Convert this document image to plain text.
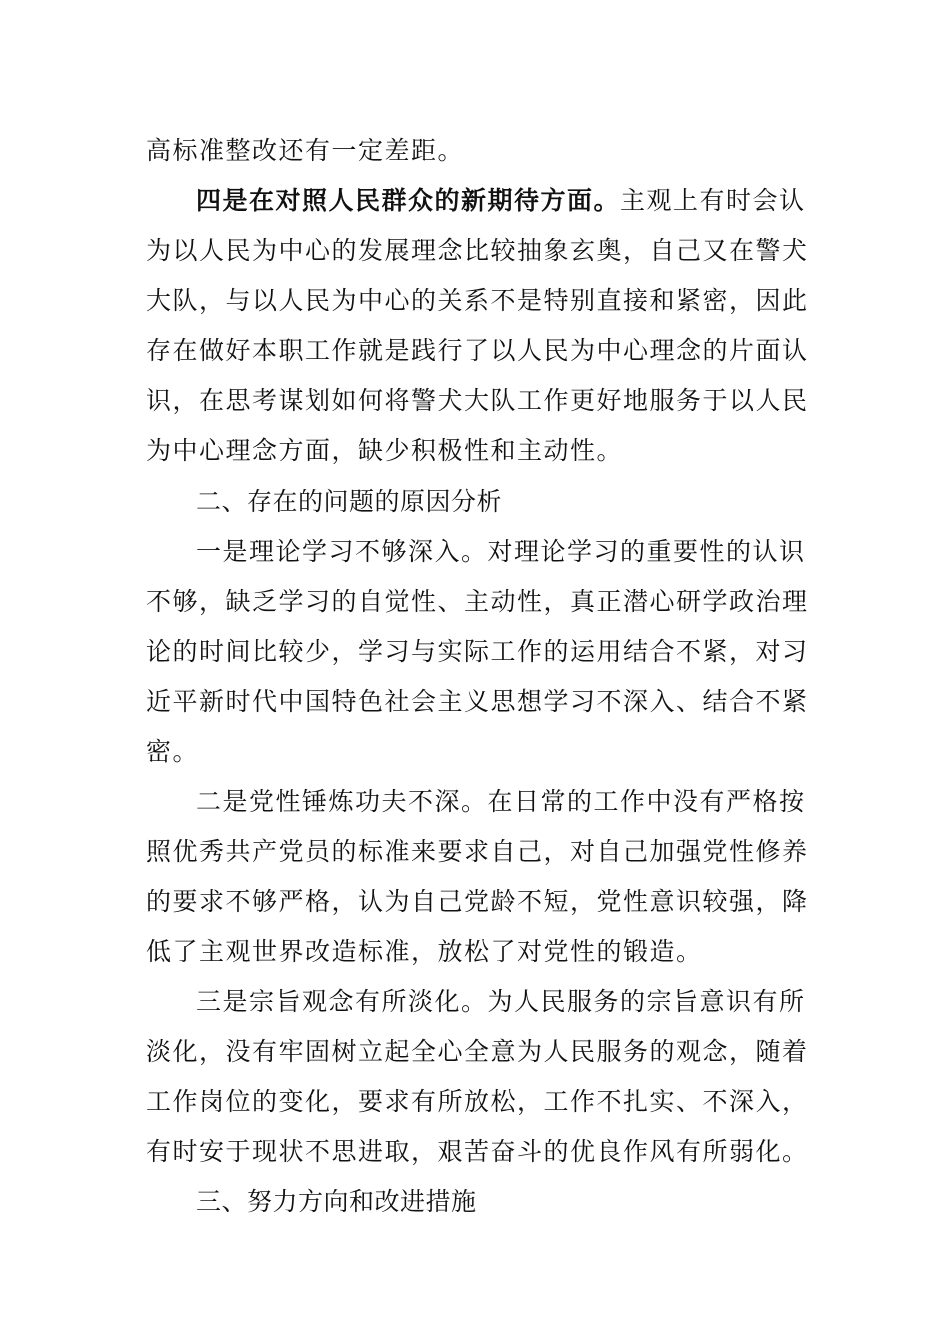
高标准整改还有一定差距。
四是在对照人民群众的新期待方面。主观上有时会认
为以人民为中心的发展理念比较抽象玄奥，自己又在警犬
大队，与以人民为中心的关系不是特别直接和紧密，因此
存在做好本职工作就是践行了以人民为中心理念的片面认
识，在思考谋划如何将警犬大队工作更好地服务于以人民
为中心理念方面，缺少积极性和主动性。
二、存在的问题的原因分析
一是理论学习不够深入。对理论学习的重要性的认识
不够，缺乏学习的自觉性、主动性，真正潜心研学政治理
论的时间比较少，学习与实际工作的运用结合不紧，对习
近平新时代中国特色社会主义思想学习不深入、结合不紧
密。
二是党性锤炼功夫不深。在日常的工作中没有严格按
照优秀共产党员的标准来要求自己，对自己加强党性修养
的要求不够严格，认为自己党龄不短，党性意识较强，降
低了主观世界改造标准，放松了对党性的锻造。
三是宗旨观念有所淡化。为人民服务的宗旨意识有所
淡化，没有牢固树立起全心全意为人民服务的观念，随着
工作岗位的变化，要求有所放松，工作不扎实、不深入，
有时安于现状不思进取，艰苦奋斗的优良作风有所弱化。
三、努力方向和改进措施
